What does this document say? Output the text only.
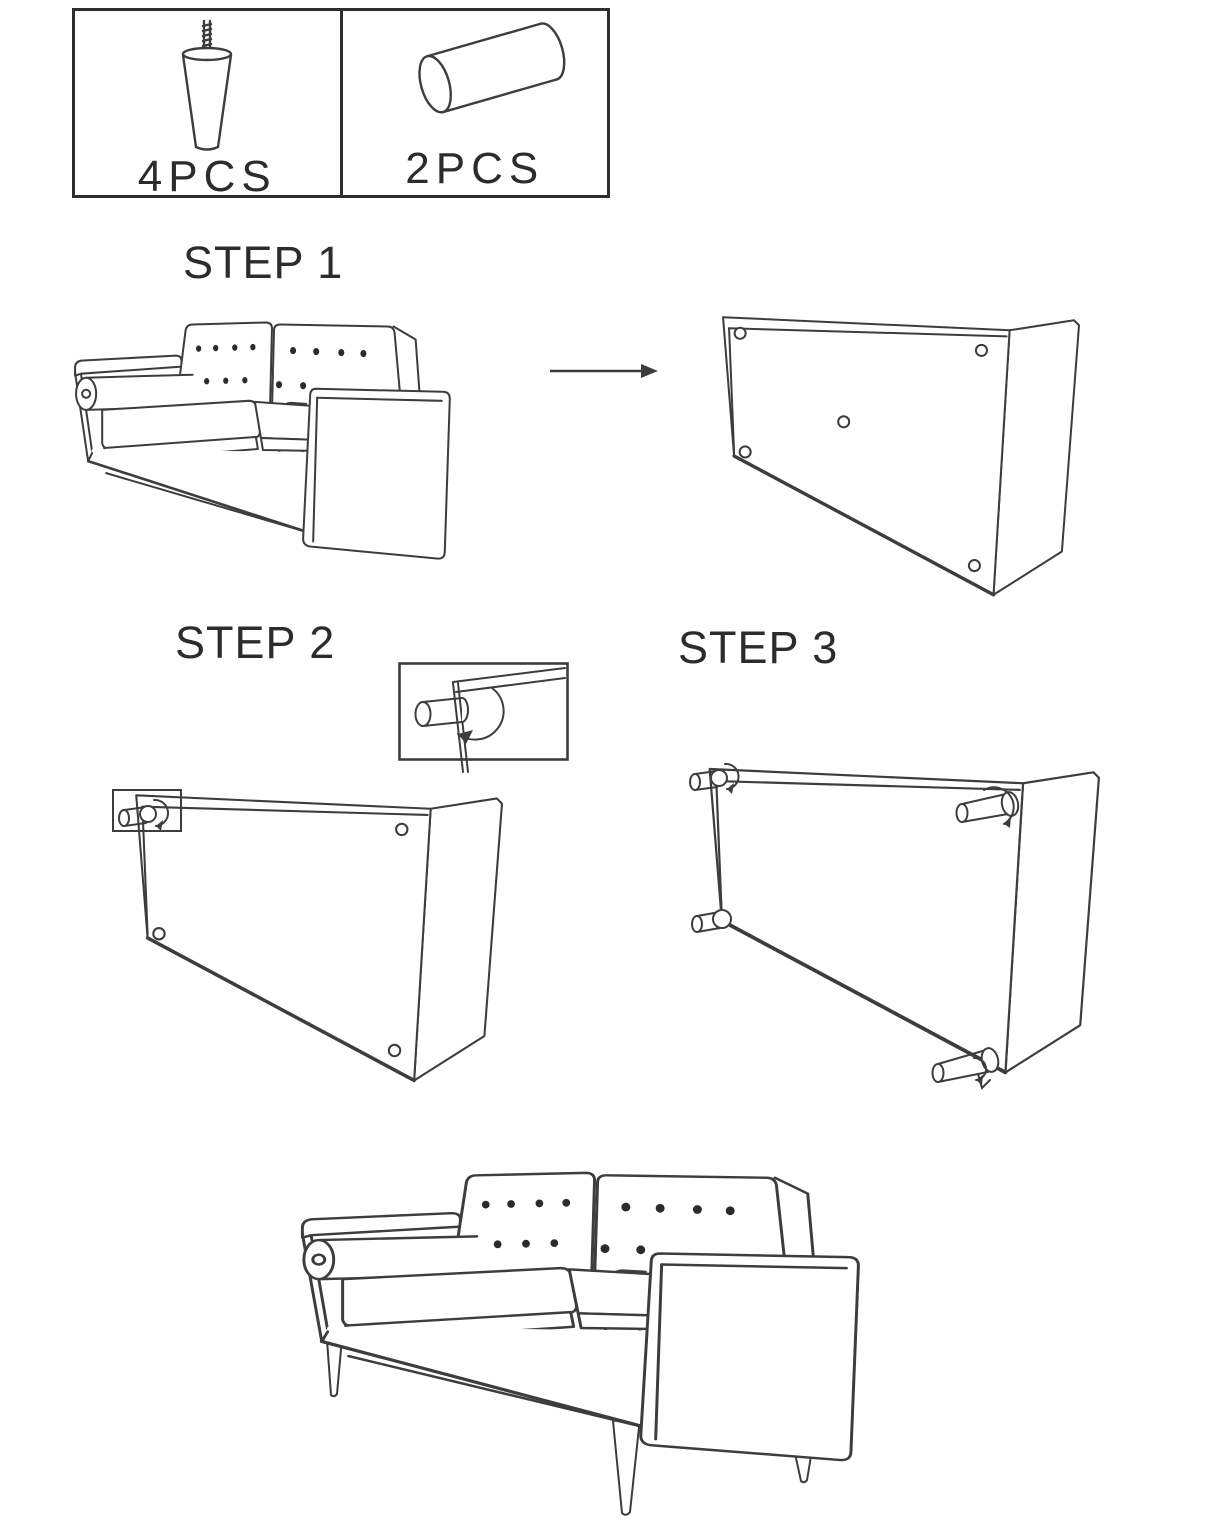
4PCS	2PCS
STEP 1
STEP 2	STEP 3
